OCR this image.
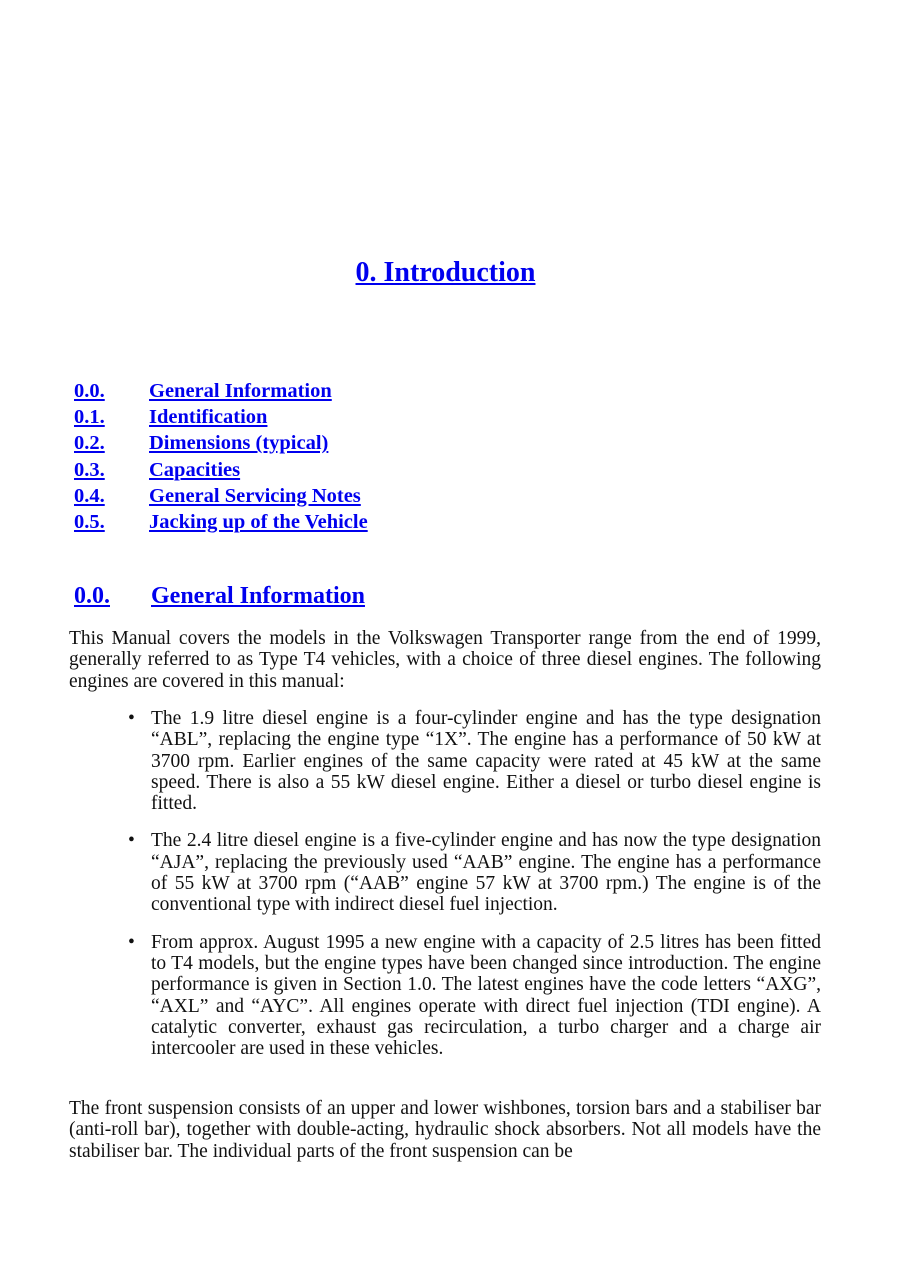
0. Introduction
0.0. General Information
0.1. Identification
0.2. Dimensions (typical)
0.3. Capacities
0.4. General Servicing Notes
0.5. Jacking up of the Vehicle
0.0. General Information

This Manual covers the models in the Volkswagen Transporter range from the end of 1999, generally referred to as Type T4 vehicles, with a choice of three diesel engines. The following engines are covered in this manual:

• The 1.9 litre diesel engine is a four-cylinder engine and has the type designation “ABL”, replacing the engine type “1X”. The engine has a performance of 50 kW at 3700 rpm. Earlier engines of the same capacity were rated at 45 kW at the same speed. There is also a 55 kW diesel engine. Either a diesel or turbo diesel engine is fitted.
• The 2.4 litre diesel engine is a five-cylinder engine and has now the type designation “AJA”, replacing the previously used “AAB” engine. The engine has a performance of 55 kW at 3700 rpm (“AAB” engine 57 kW at 3700 rpm.) The engine is of the conventional type with indirect diesel fuel injection.
• From approx. August 1995 a new engine with a capacity of 2.5 litres has been fitted to T4 models, but the engine types have been changed since introduction. The engine performance is given in Section 1.0. The latest engines have the code letters “AXG”, “AXL” and “AYC”. All engines operate with direct fuel injection (TDI engine). A catalytic converter, exhaust gas recirculation, a turbo charger and a charge air intercooler are used in these vehicles.

The front suspension consists of an upper and lower wishbones, torsion bars and a stabiliser bar (anti-roll bar), together with double-acting, hydraulic shock absorbers. Not all models have the stabiliser bar. The individual parts of the front suspension can be
